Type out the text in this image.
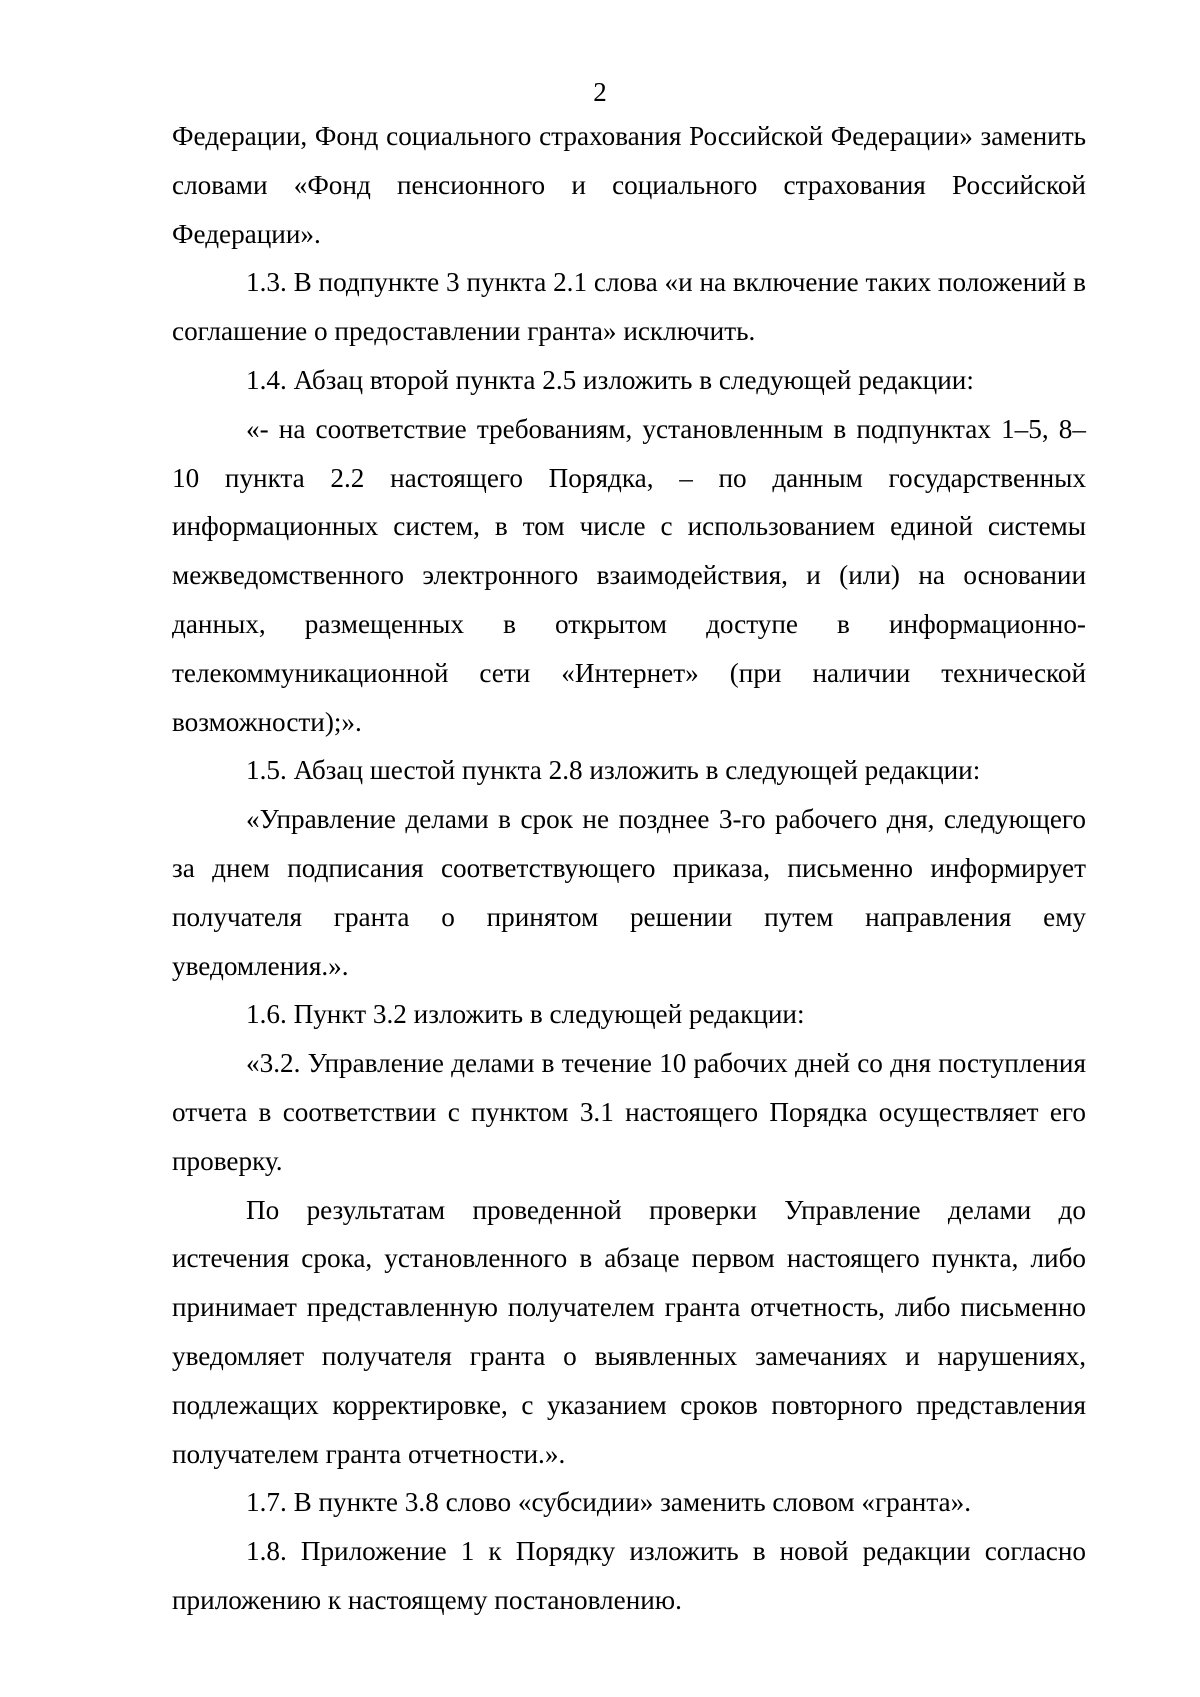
2

Федерации, Фонд социального страхования Российской Федерации» заменить словами «Фонд пенсионного и социального страхования Российской Федерации».

1.3. В подпункте 3 пункта 2.1 слова «и на включение таких положений в соглашение о предоставлении гранта» исключить.

1.4. Абзац второй пункта 2.5 изложить в следующей редакции:

«- на соответствие требованиям, установленным в подпунктах 1–5, 8–10 пункта 2.2 настоящего Порядка, – по данным государственных информационных систем, в том числе с использованием единой системы межведомственного электронного взаимодействия, и (или) на основании данных, размещенных в открытом доступе в информационно-телекоммуникационной сети «Интернет» (при наличии технической возможности);».

1.5. Абзац шестой пункта 2.8 изложить в следующей редакции:

«Управление делами в срок не позднее 3-го рабочего дня, следующего за днем подписания соответствующего приказа, письменно информирует получателя гранта о принятом решении путем направления ему уведомления.».

1.6. Пункт 3.2 изложить в следующей редакции:

«3.2. Управление делами в течение 10 рабочих дней со дня поступления отчета в соответствии с пунктом 3.1 настоящего Порядка осуществляет его проверку.

По результатам проведенной проверки Управление делами до истечения срока, установленного в абзаце первом настоящего пункта, либо принимает представленную получателем гранта отчетность, либо письменно уведомляет получателя гранта о выявленных замечаниях и нарушениях, подлежащих корректировке, с указанием сроков повторного представления получателем гранта отчетности.».

1.7. В пункте 3.8 слово «субсидии» заменить словом «гранта».

1.8. Приложение 1 к Порядку изложить в новой редакции согласно приложению к настоящему постановлению.
